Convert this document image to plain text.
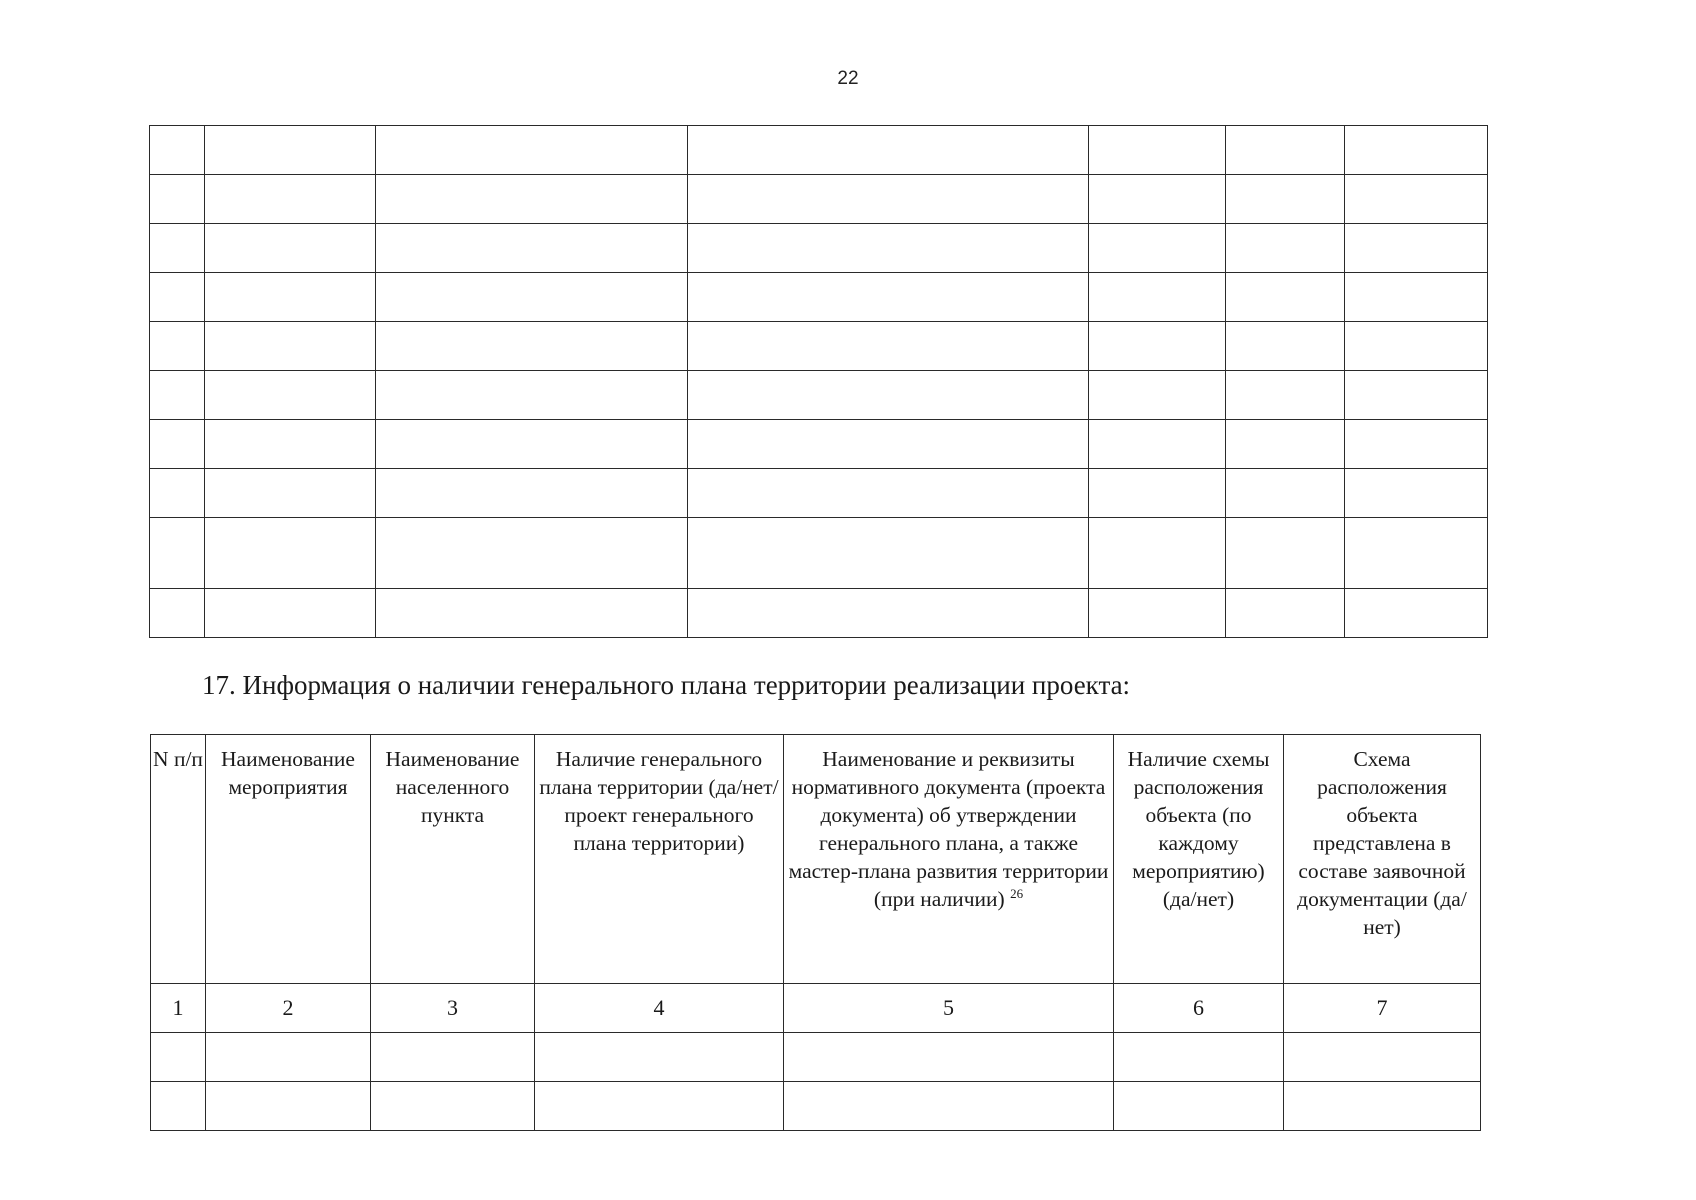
22

17. Информация о наличии генерального плана территории реализации проекта:
N п/п	Наименование мероприятия	Наименование населенного пункта	Наличие генерального плана территории (да/нет/проект генерального плана территории)	Наименование и реквизиты нормативного документа (проекта документа) об утверждении генерального плана, а также мастер-плана развития территории (при наличии) $^{26}$	Наличие схемы расположения объекта (по каждому мероприятию) (да/нет)	Схема расположения объекта представлена в составе заявочной документации (да/нет)
1	2	3	4	5	6	7
